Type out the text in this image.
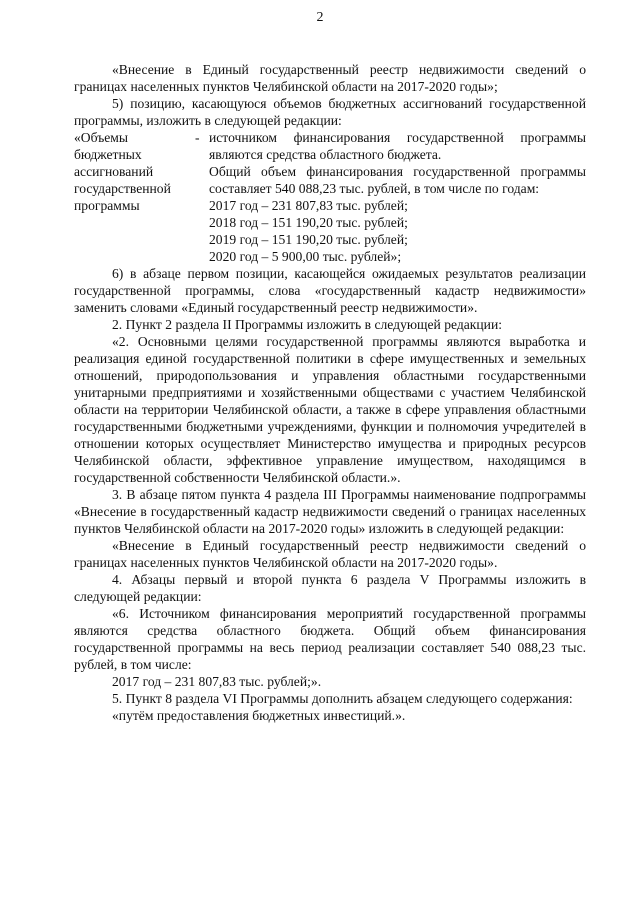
2

«Внесение в Единый государственный реестр недвижимости сведений о границах населенных пунктов Челябинской области на 2017-2020 годы»;

5) позицию, касающуюся объемов бюджетных ассигнований государственной программы, изложить в следующей редакции:

«Объемы бюджетных ассигнований государственной программы
- источником финансирования государственной программы являются средства областного бюджета.

Общий объем финансирования государственной программы составляет 540 088,23 тыс. рублей, в том числе по годам:

2017 год – 231 807,83 тыс. рублей;

2018 год – 151 190,20 тыс. рублей;

2019 год – 151 190,20 тыс. рублей;

2020 год – 5 900,00 тыс. рублей»;

6) в абзаце первом позиции, касающейся ожидаемых результатов реализации государственной программы, слова «государственный кадастр недвижимости» заменить словами «Единый государственный реестр недвижимости».

2. Пункт 2 раздела II Программы изложить в следующей редакции:

«2. Основными целями государственной программы являются выработка и реализация единой государственной политики в сфере имущественных и земельных отношений, природопользования и управления областными государственными унитарными предприятиями и хозяйственными обществами с участием Челябинской области на территории Челябинской области, а также в сфере управления областными государственными бюджетными учреждениями, функции и полномочия учредителей в отношении которых осуществляет Министерство имущества и природных ресурсов Челябинской области, эффективное управление имуществом, находящимся в государственной собственности Челябинской области.».

3. В абзаце пятом пункта 4 раздела III Программы наименование подпрограммы «Внесение в государственный кадастр недвижимости сведений о границах населенных пунктов Челябинской области на 2017-2020 годы» изложить в следующей редакции:

«Внесение в Единый государственный реестр недвижимости сведений о границах населенных пунктов Челябинской области на 2017-2020 годы».

4. Абзацы первый и второй пункта 6 раздела V Программы изложить в следующей редакции:

«6. Источником финансирования мероприятий государственной программы являются средства областного бюджета. Общий объем финансирования государственной программы на весь период реализации составляет 540 088,23 тыс. рублей, в том числе:

2017 год – 231 807,83 тыс. рублей;».

5. Пункт 8 раздела VI Программы дополнить абзацем следующего содержания:

«путём предоставления бюджетных инвестиций.».
